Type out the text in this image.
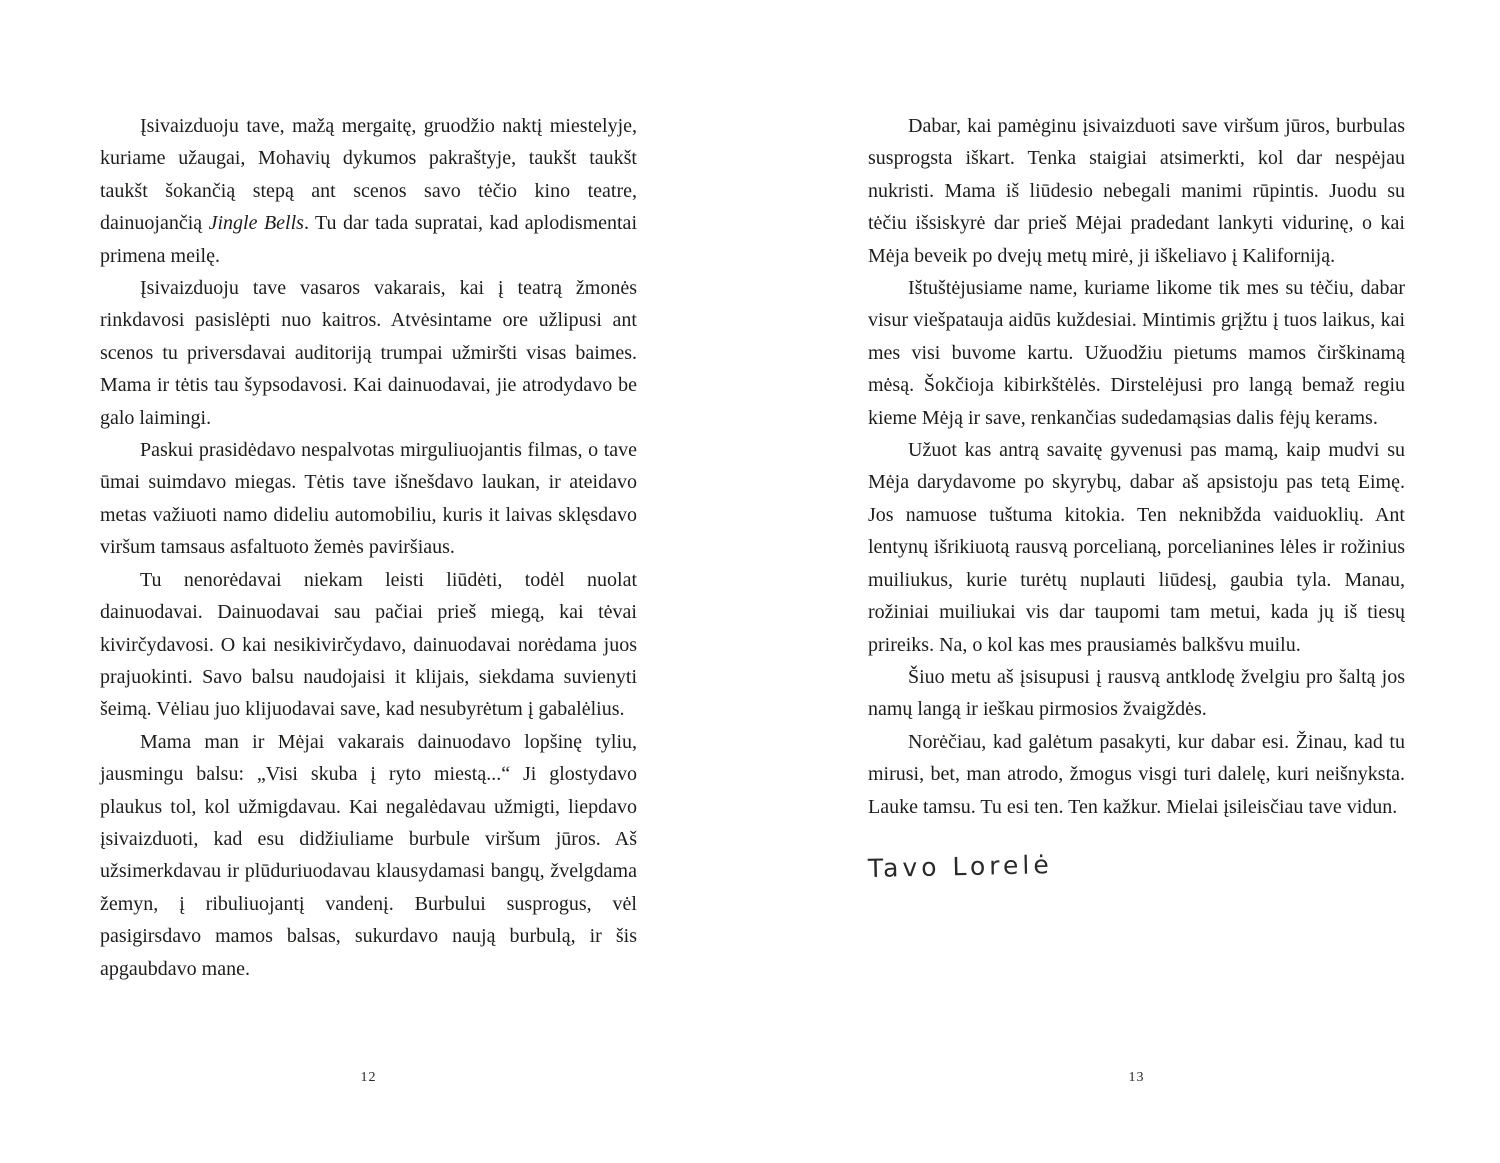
Įsivaizduoju tave, mažą mergaitę, gruodžio naktį miestelyje, kuriame užaugai, Mohavių dykumos pakraštyje, taukšt taukšt taukšt šokančią stepą ant scenos savo tėčio kino teatre, dainuojančią Jingle Bells. Tu dar tada supratai, kad aplodismentai primena meilę.

Įsivaizduoju tave vasaros vakarais, kai į teatrą žmonės rinkdavosi pasislėpti nuo kaitros. Atvėsintame ore užlipusi ant scenos tu priversdavai auditoriją trumpai užmiršti visas baimes. Mama ir tėtis tau šypsodavosi. Kai dainuodavai, jie atrodydavo be galo laimingi.

Paskui prasidėdavo nespalvotas mirguliuojantis filmas, o tave ūmai suimdavo miegas. Tėtis tave išnešdavo laukan, ir ateidavo metas važiuoti namo dideliu automobiliu, kuris it laivas sklęsdavo viršum tamsaus asfaltuoto žemės paviršiaus.

Tu nenorėdavai niekam leisti liūdėti, todėl nuolat dainuodavai. Dainuodavai sau pačiai prieš miegą, kai tėvai kivirčydavosi. O kai nesikivirčydavo, dainuodavai norėdama juos prajuokinti. Savo balsu naudojaisi it klijais, siekdama suvienyti šeimą. Vėliau juo klijuodavai save, kad nesubyrėtum į gabalėlius.

Mama man ir Mėjai vakarais dainuodavo lopšinę tyliu, jausmingu balsu: „Visi skuba į ryto miestą...“ Ji glostydavo plaukus tol, kol užmigdavau. Kai negalėdavau užmigti, liepdavo įsivaizduoti, kad esu didžiuliame burbule viršum jūros. Aš užsimerkdavau ir plūduriuodavau klausydamasi bangų, žvelgdama žemyn, į ribuliuojantį vandenį. Burbului susprogus, vėl pasigirsdavo mamos balsas, sukurdavo naują burbulą, ir šis apgaubdavo mane.

12

Dabar, kai pamėginu įsivaizduoti save viršum jūros, burbulas susprogsta iškart. Tenka staigiai atsimerkti, kol dar nespėjau nukristi. Mama iš liūdesio nebegali manimi rūpintis. Juodu su tėčiu išsiskyrė dar prieš Mėjai pradedant lankyti vidurinę, o kai Mėja beveik po dvejų metų mirė, ji iškeliavo į Kaliforniją.

Ištuštėjusiame name, kuriame likome tik mes su tėčiu, dabar visur viešpatauja aidūs kuždesiai. Mintimis grįžtu į tuos laikus, kai mes visi buvome kartu. Užuodžiu pietums mamos čirškinamą mėsą. Šokčioja kibirkštėlės. Dirstelėjusi pro langą bemaž regiu kieme Mėją ir save, renkančias sudedamąsias dalis fėjų kerams.

Užuot kas antrą savaitę gyvenusi pas mamą, kaip mudvi su Mėja darydavome po skyrybų, dabar aš apsistoju pas tetą Eimę. Jos namuose tuštuma kitokia. Ten neknibžda vaiduoklių. Ant lentynų išrikiuotą rausvą porcelianą, porcelianines lėles ir rožinius muiliukus, kurie turėtų nuplauti liūdesį, gaubia tyla. Manau, rožiniai muiliukai vis dar taupomi tam metui, kada jų iš tiesų prireiks. Na, o kol kas mes prausiamės balkšvu muilu.

Šiuo metu aš įsisupusi į rausvą antklodę žvelgiu pro šaltą jos namų langą ir ieškau pirmosios žvaigždės.

Norėčiau, kad galėtum pasakyti, kur dabar esi. Žinau, kad tu mirusi, bet, man atrodo, žmogus visgi turi dalelę, kuri neišnyksta. Lauke tamsu. Tu esi ten. Ten kažkur. Mielai įsileisčiau tave vidun.

Tavo Lorelė
13
